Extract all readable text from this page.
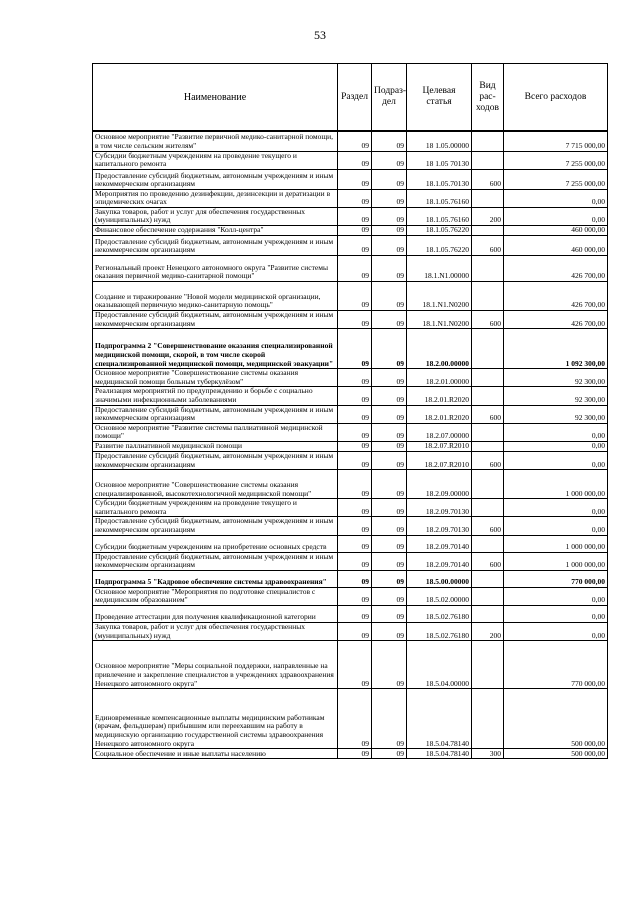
53
Наименование	Раздел	Подраз-дел	Целевая статья	Вид рас-ходов	Всего расходов
Основное мероприятие "Развитие первичной медико-санитарной помощи, в том числе сельским жителям"	09	09	18 1.05.00000		7 715 000,00
Субсидии бюджетным учреждениям на проведение текущего и капитального ремонта	09	09	18 1.05 70130		7 255 000,00
Предоставление субсидий бюджетным, автономным учреждениям и иным некоммерческим организациям	09	09	18.1.05.70130	600	7 255 000,00
Мероприятия по проведению дезинфекции, дезинсекции и дератизации в эпидемических очагах	09	09	18.1.05.76160		0,00
Закупка товаров, работ и услуг для обеспечения государственных (муниципальных) нужд	09	09	18.1.05.76160	200	0,00
Финансовое обеспечение содержания "Колл-центра"	09	09	18.1.05.76220		460 000,00
Предоставление субсидий бюджетным, автономным учреждениям и иным некоммерческим организациям	09	09	18.1.05.76220	600	460 000,00
Региональный проект Ненецкого автономного округа "Развитие системы оказания первичной медико-санитарной помощи"	09	09	18.1.N1.00000		426 700,00
Создание и тиражирование "Новой модели медицинской организации, оказывающей первичную медико-санитарную помощь"	09	09	18.1.N1.N0200		426 700,00
Предоставление субсидий бюджетным, автономным учреждениям и иным некоммерческим организациям	09	09	18.1.N1.N0200	600	426 700,00
Подпрограмма 2 "Совершенствование оказания специализированной медицинской помощи, скорой, в том числе скорой специализированной медицинской помощи, медицинской эвакуации"	09	09	18.2.00.00000		1 092 300,00
Основное мероприятие "Совершенствование системы оказания медицинской помощи больным туберкулёзом"	09	09	18.2.01.00000		92 300,00
Реализация мероприятий по предупреждению и борьбе с социально значимыми инфекционными заболеваниями	09	09	18.2.01.R2020		92 300,00
Предоставление субсидий бюджетным, автономным учреждениям и иным некоммерческим организациям	09	09	18.2.01.R2020	600	92 300,00
Основное мероприятие "Развитие системы паллиативной медицинской помощи"	09	09	18.2.07.00000		0,00
Развитие паллиативной медицинской помощи	09	09	18.2.07.R2010		0,00
Предоставление субсидий бюджетным, автономным учреждениям и иным некоммерческим организациям	09	09	18.2.07.R2010	600	0,00
Основное мероприятие "Совершенствование системы оказания специализированной, высокотехнологичной медицинской помощи"	09	09	18.2.09.00000		1 000 000,00
Субсидии бюджетным учреждениям на проведение текущего и капитального ремонта	09	09	18.2.09.70130		0,00
Предоставление субсидий бюджетным, автономным учреждениям и иным некоммерческим организациям	09	09	18.2.09.70130	600	0,00
Субсидии бюджетным учреждениям на приобретение основных средств	09	09	18.2.09.70140		1 000 000,00
Предоставление субсидий бюджетным, автономным учреждениям и иным некоммерческим организациям	09	09	18.2.09.70140	600	1 000 000,00
Подпрограмма 5 "Кадровое обеспечение системы здравоохранения"	09	09	18.5.00.00000		770 000,00
Основное мероприятие "Мероприятия по подготовке специалистов с медицинским образованием"	09	09	18.5.02.00000		0,00
Проведение аттестации для получения квалификационной категории	09	09	18.5.02.76180		0,00
Закупка товаров, работ и услуг для обеспечения государственных (муниципальных) нужд	09	09	18.5.02.76180	200	0,00
Основное мероприятие "Меры социальной поддержки, направленные на привлечение и закрепление специалистов в учреждениях здравоохранения Ненецкого автономного округа"	09	09	18.5.04.00000		770 000,00
Единовременные компенсационные выплаты медицинским работникам (врачам, фельдшерам) прибывшим или переехавшим на работу в медицинскую организацию государственной системы здравоохранения Ненецкого автономного округа	09	09	18.5.04.78140		500 000,00
Социальное обеспечение и иные выплаты населению	09	09	18.5.04.78140	300	500 000,00
